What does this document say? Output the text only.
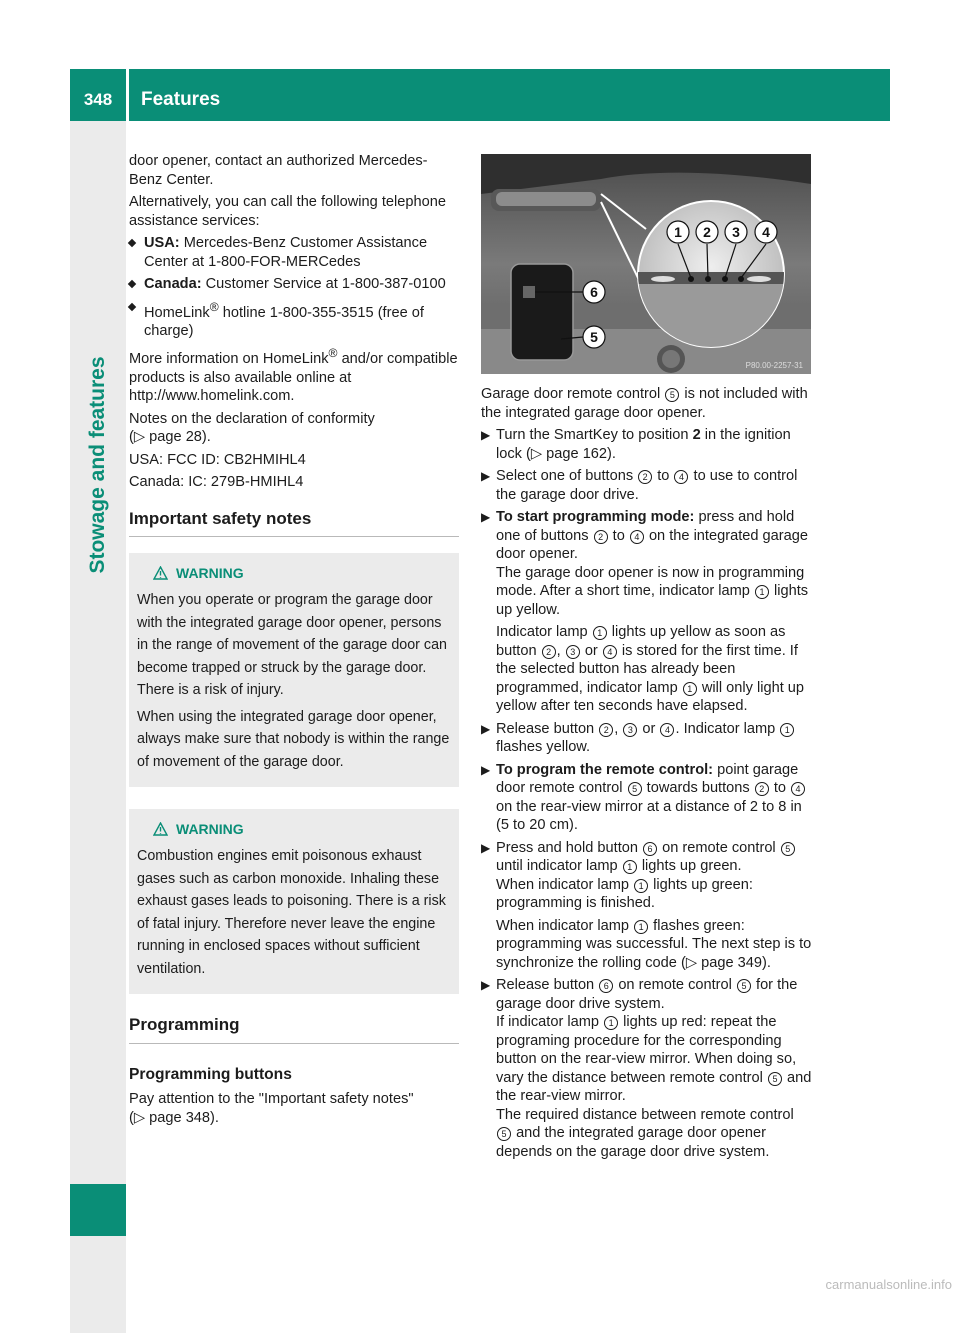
348	Features
Stowage and features

door opener, contact an authorized Mercedes-Benz Center.

Alternatively, you can call the following telephone assistance services:

USA: Mercedes-Benz Customer Assistance Center at 1-800-FOR-MERCedes
Canada: Customer Service at 1-800-387-0100
HomeLink® hotline 1-800-355-3515 (free of charge)

More information on HomeLink® and/or compatible products is also available online at http://www.homelink.com.

Notes on the declaration of conformity
(▷ page 28).

USA: FCC ID: CB2HMIHL4

Canada: IC: 279B-HMIHL4

Important safety notes
WARNING

When you operate or program the garage door with the integrated garage door opener, persons in the range of movement of the garage door can become trapped or struck by the garage door. There is a risk of injury.

When using the integrated garage door opener, always make sure that nobody is within the range of movement of the garage door.

WARNING

Combustion engines emit poisonous exhaust gases such as carbon monoxide. Inhaling these exhaust gases leads to poisoning. There is a risk of fatal injury. Therefore never leave the engine running in enclosed spaces without sufficient ventilation.

Programming
Programming buttons

Pay attention to the "Important safety notes"
(▷ page 348).

1 2 3 4
5
6
P80.00-2257-31

Garage door remote control 5 is not included with the integrated garage door opener.

▶ Turn the SmartKey to position 2 in the ignition lock (▷ page 162).
▶ Select one of buttons 2 to 4 to use to control the garage door drive.
▶ To start programming mode: press and hold one of buttons 2 to 4 on the integrated garage door opener.
The garage door opener is now in programming mode. After a short time, indicator lamp 1 lights up yellow.
Indicator lamp 1 lights up yellow as soon as button 2 , 3 or 4 is stored for the first time. If the selected button has already been programmed, indicator lamp 1 will only light up yellow after ten seconds have elapsed.
▶ Release button 2 , 3 or 4 . Indicator lamp 1 flashes yellow.
▶ To program the remote control: point garage door remote control 5 towards buttons 2 to 4 on the rear-view mirror at a distance of 2 to 8 in (5 to 20 cm).
▶ Press and hold button 6 on remote control 5 until indicator lamp 1 lights up green.
When indicator lamp 1 lights up green: programming is finished.
When indicator lamp 1 flashes green: programming was successful. The next step is to synchronize the rolling code (▷ page 349).
▶ Release button 6 on remote control 5 for the garage door drive system.
If indicator lamp 1 lights up red: repeat the programing procedure for the corresponding button on the rear-view mirror. When doing so, vary the distance between remote control 5 and the rear-view mirror.
The required distance between remote control 5 and the integrated garage door opener depends on the garage door drive system.
carmanualsonline.info
